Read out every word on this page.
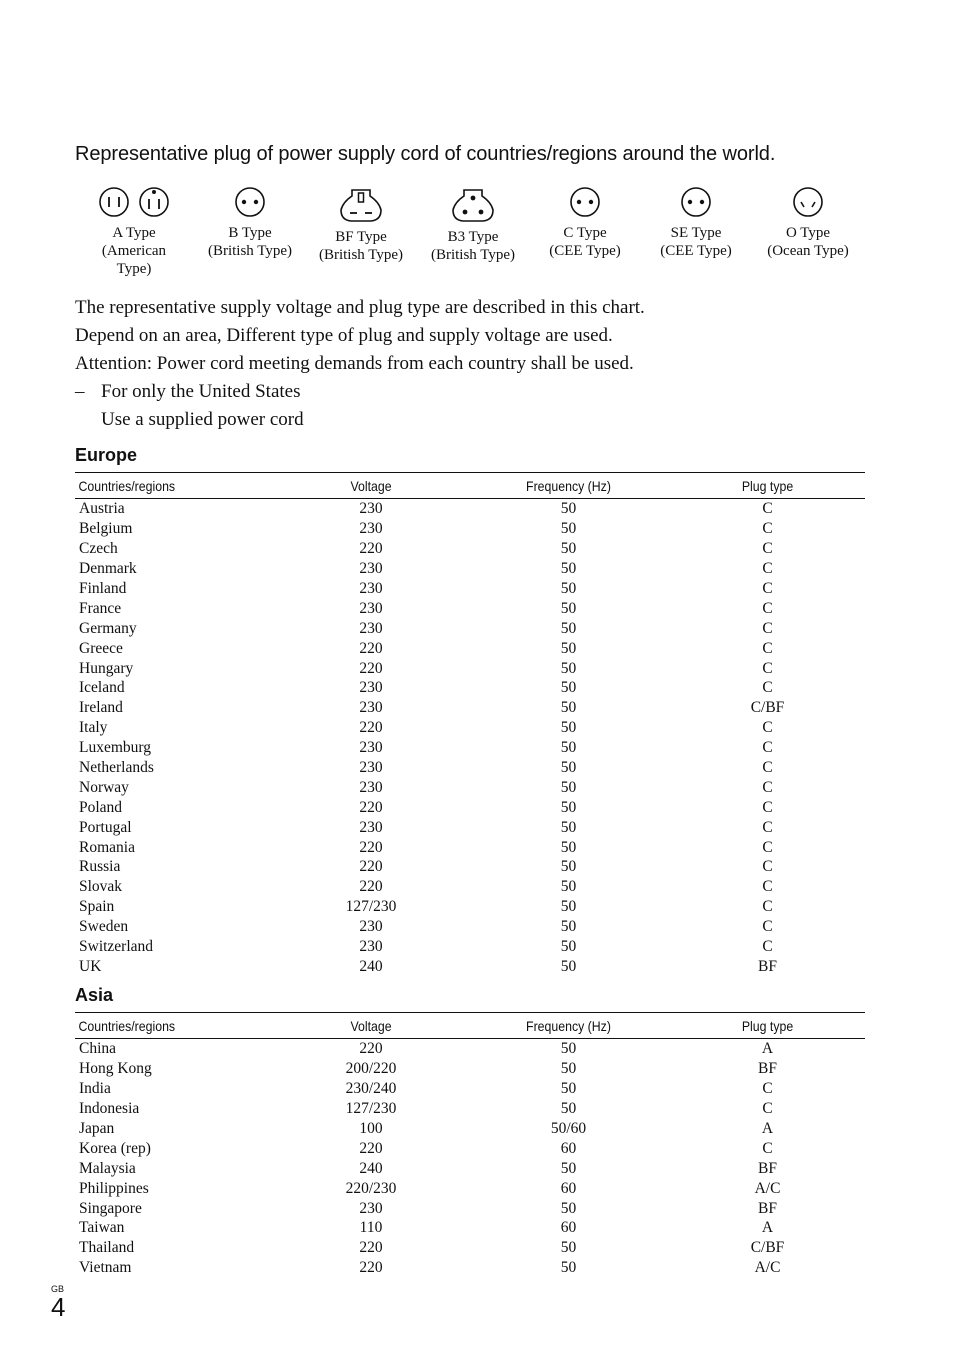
Representative plug of power supply cord of countries/regions around the world.
A Type
(American
Type)
B Type
(British Type)
BF Type
(British Type)
B3 Type
(British Type)
C Type
(CEE Type)
SE Type
(CEE Type)
O Type
(Ocean Type)

The representative supply voltage and plug type are described in this chart.

Depend on an area, Different type of plug and supply voltage are used.

Attention: Power cord meeting demands from each country shall be used.

– For only the United States

Use a supplied power cord

Europe
Countries/regions	Voltage	Frequency (Hz)	Plug type
Austria	230	50	C
Belgium	230	50	C
Czech	220	50	C
Denmark	230	50	C
Finland	230	50	C
France	230	50	C
Germany	230	50	C
Greece	220	50	C
Hungary	220	50	C
Iceland	230	50	C
Ireland	230	50	C/BF
Italy	220	50	C
Luxemburg	230	50	C
Netherlands	230	50	C
Norway	230	50	C
Poland	220	50	C
Portugal	230	50	C
Romania	220	50	C
Russia	220	50	C
Slovak	220	50	C
Spain	127/230	50	C
Sweden	230	50	C
Switzerland	230	50	C
UK	240	50	BF
Asia
Countries/regions	Voltage	Frequency (Hz)	Plug type
China	220	50	A
Hong Kong	200/220	50	BF
India	230/240	50	C
Indonesia	127/230	50	C
Japan	100	50/60	A
Korea (rep)	220	60	C
Malaysia	240	50	BF
Philippines	220/230	60	A/C
Singapore	230	50	BF
Taiwan	110	60	A
Thailand	220	50	C/BF
Vietnam	220	50	A/C
GB
4
